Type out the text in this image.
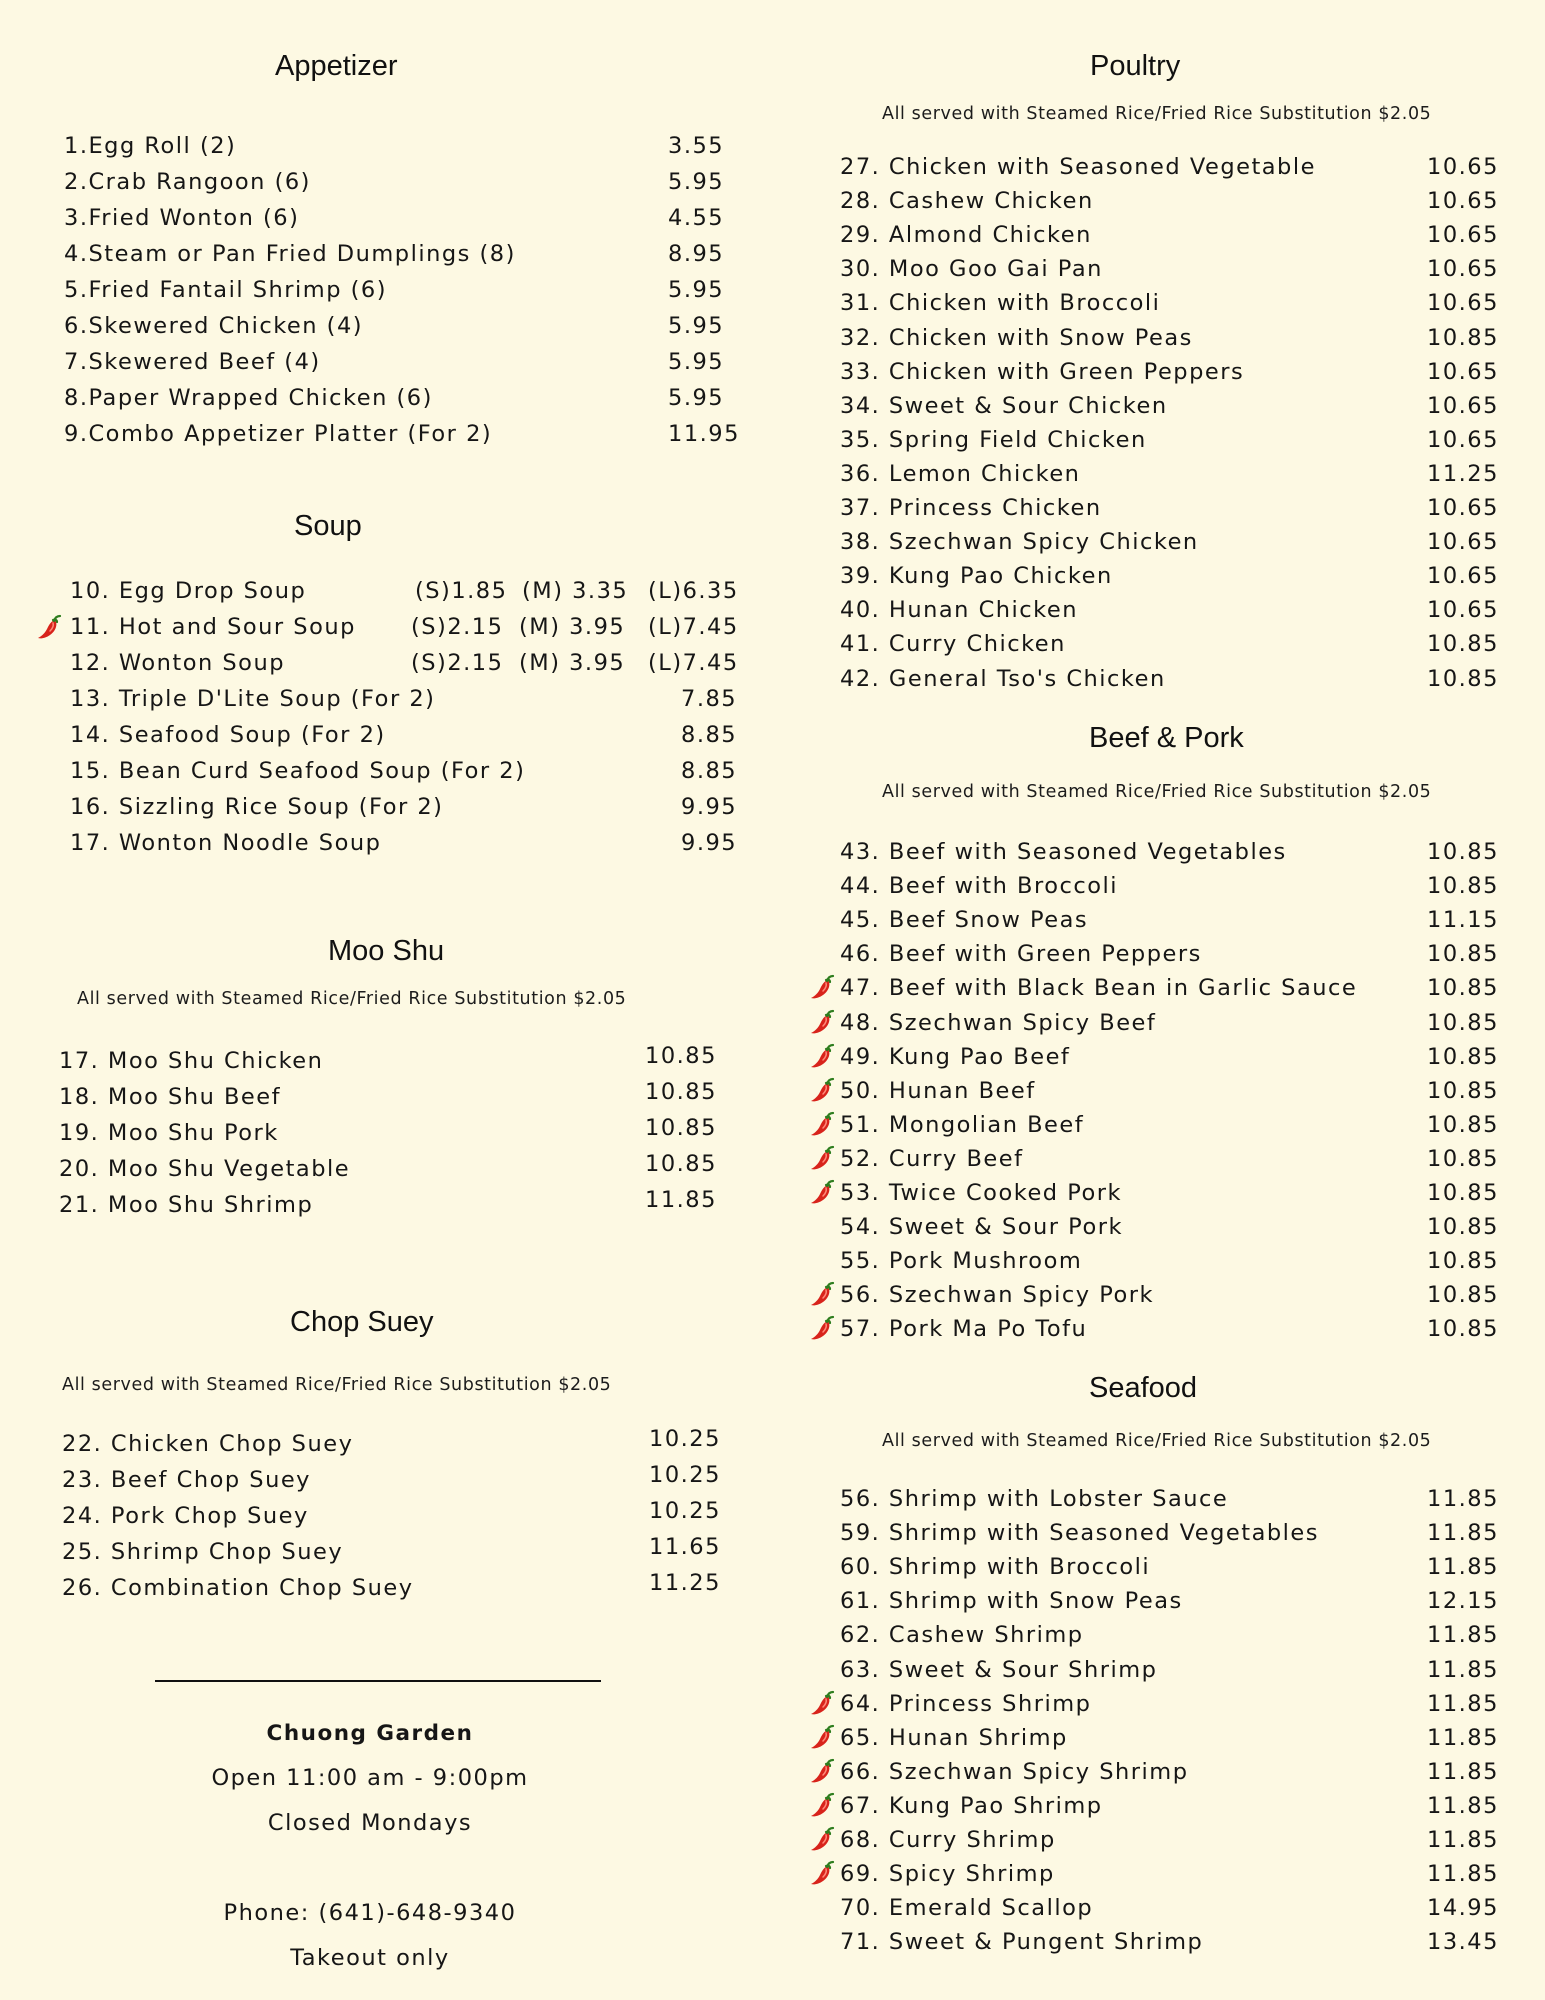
Appetizer
1.Egg Roll (2)	3.55
2.Crab Rangoon (6)	5.95
3.Fried Wonton (6)	4.55
4.Steam or Pan Fried Dumplings (8)	8.95
5.Fried Fantail Shrimp (6)	5.95
6.Skewered Chicken (4)	5.95
7.Skewered Beef (4)	5.95
8.Paper Wrapped Chicken (6)	5.95
9.Combo Appetizer Platter (For 2)	11.95
Soup
10. Egg Drop Soup	(S)1.85 (M) 3.35 (L)6.35
11. Hot and Sour Soup (S)2.15 (M) 3.95 (L)7.45
12. Wonton Soup	(S)2.15 (M) 3.95 (L)7.45
13. Triple D'Lite Soup (For 2)	7.85
14. Seafood Soup (For 2)	8.85
15. Bean Curd Seafood Soup (For 2)	8.85
16. Sizzling Rice Soup (For 2)	9.95
17. Wonton Noodle Soup	9.95
Moo Shu
All served with Steamed Rice/Fried Rice Substitution $2.05
17. Moo Shu Chicken	10.85
18. Moo Shu Beef	10.85
19. Moo Shu Pork	10.85
20. Moo Shu Vegetable	10.85
21. Moo Shu Shrimp	11.85
Chop Suey
All served with Steamed Rice/Fried Rice Substitution $2.05
22. Chicken Chop Suey	10.25
23. Beef Chop Suey	10.25
24. Pork Chop Suey	10.25
25. Shrimp Chop Suey	11.65
26. Combination Chop Suey	11.25
Chuong Garden
Open 11:00 am - 9:00pm
Closed Mondays
Phone: (641)-648-9340
Takeout only
Poultry
All served with Steamed Rice/Fried Rice Substitution $2.05
27. Chicken with Seasoned Vegetable	10.65
28. Cashew Chicken	10.65
29. Almond Chicken	10.65
30. Moo Goo Gai Pan	10.65
31. Chicken with Broccoli	10.65
32. Chicken with Snow Peas	10.85
33. Chicken with Green Peppers	10.65
34. Sweet & Sour Chicken	10.65
35. Spring Field Chicken	10.65
36. Lemon Chicken	11.25
37. Princess Chicken	10.65
38. Szechwan Spicy Chicken	10.65
39. Kung Pao Chicken	10.65
40. Hunan Chicken	10.65
41. Curry Chicken	10.85
42. General Tso's Chicken	10.85
Beef & Pork
All served with Steamed Rice/Fried Rice Substitution $2.05
43. Beef with Seasoned Vegetables	10.85
44. Beef with Broccoli	10.85
45. Beef Snow Peas	11.15
46. Beef with Green Peppers	10.85
47. Beef with Black Bean in Garlic Sauce	10.85
48. Szechwan Spicy Beef	10.85
49. Kung Pao Beef	10.85
50. Hunan Beef	10.85
51. Mongolian Beef	10.85
52. Curry Beef	10.85
53. Twice Cooked Pork	10.85
54. Sweet & Sour Pork	10.85
55. Pork Mushroom	10.85
56. Szechwan Spicy Pork	10.85
57. Pork Ma Po Tofu	10.85
Seafood
All served with Steamed Rice/Fried Rice Substitution $2.05
56. Shrimp with Lobster Sauce	11.85
59. Shrimp with Seasoned Vegetables	11.85
60. Shrimp with Broccoli	11.85
61. Shrimp with Snow Peas	12.15
62. Cashew Shrimp	11.85
63. Sweet & Sour Shrimp	11.85
64. Princess Shrimp	11.85
65. Hunan Shrimp	11.85
66. Szechwan Spicy Shrimp	11.85
67. Kung Pao Shrimp	11.85
68. Curry Shrimp	11.85
69. Spicy Shrimp	11.85
70. Emerald Scallop	14.95
71. Sweet & Pungent Shrimp	13.45
